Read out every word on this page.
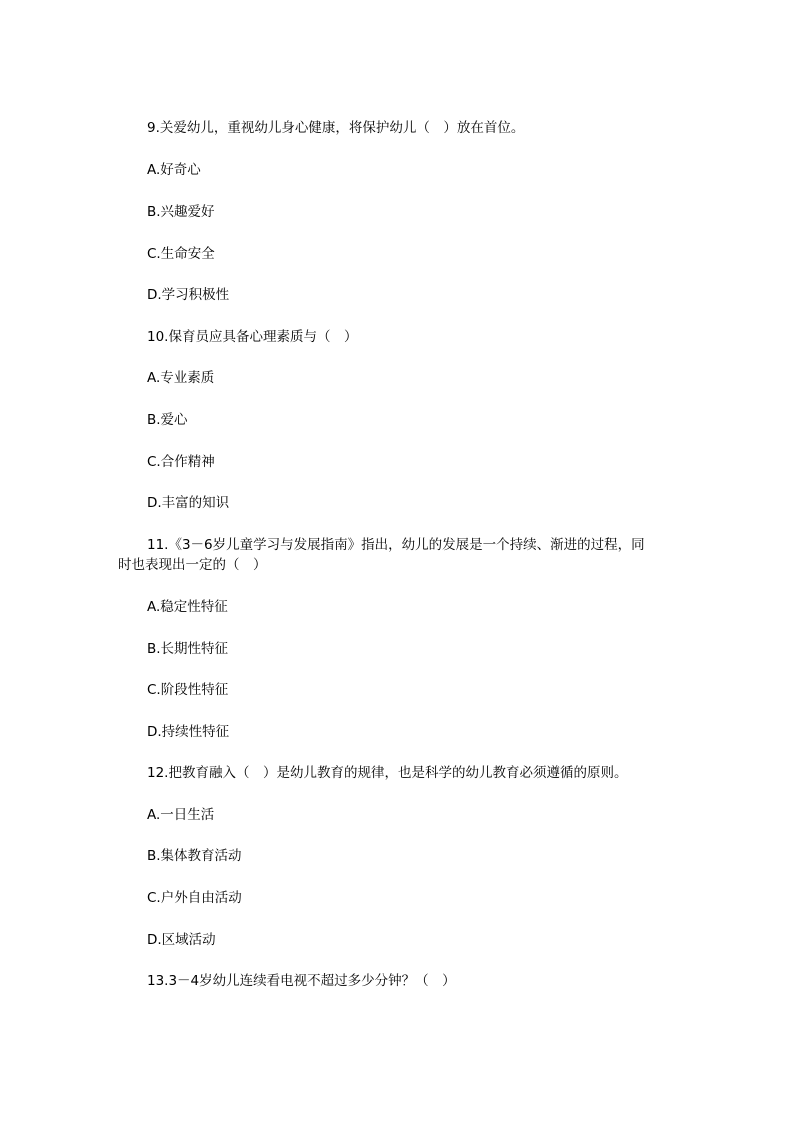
9.关爱幼儿，重视幼儿身心健康，将保护幼儿（　）放在首位。
A.好奇心
B.兴趣爱好
C.生命安全
D.学习积极性
10.保育员应具备心理素质与（　）
A.专业素质
B.爱心
C.合作精神
D.丰富的知识
11.《3－6岁儿童学习与发展指南》指出，幼儿的发展是一个持续、渐进的过程，同
时也表现出一定的（　）
A.稳定性特征
B.长期性特征
C.阶段性特征
D.持续性特征
12.把教育融入（　）是幼儿教育的规律，也是科学的幼儿教育必须遵循的原则。
A.一日生活
B.集体教育活动
C.户外自由活动
D.区域活动
13.3－4岁幼儿连续看电视不超过多少分钟？（　）
